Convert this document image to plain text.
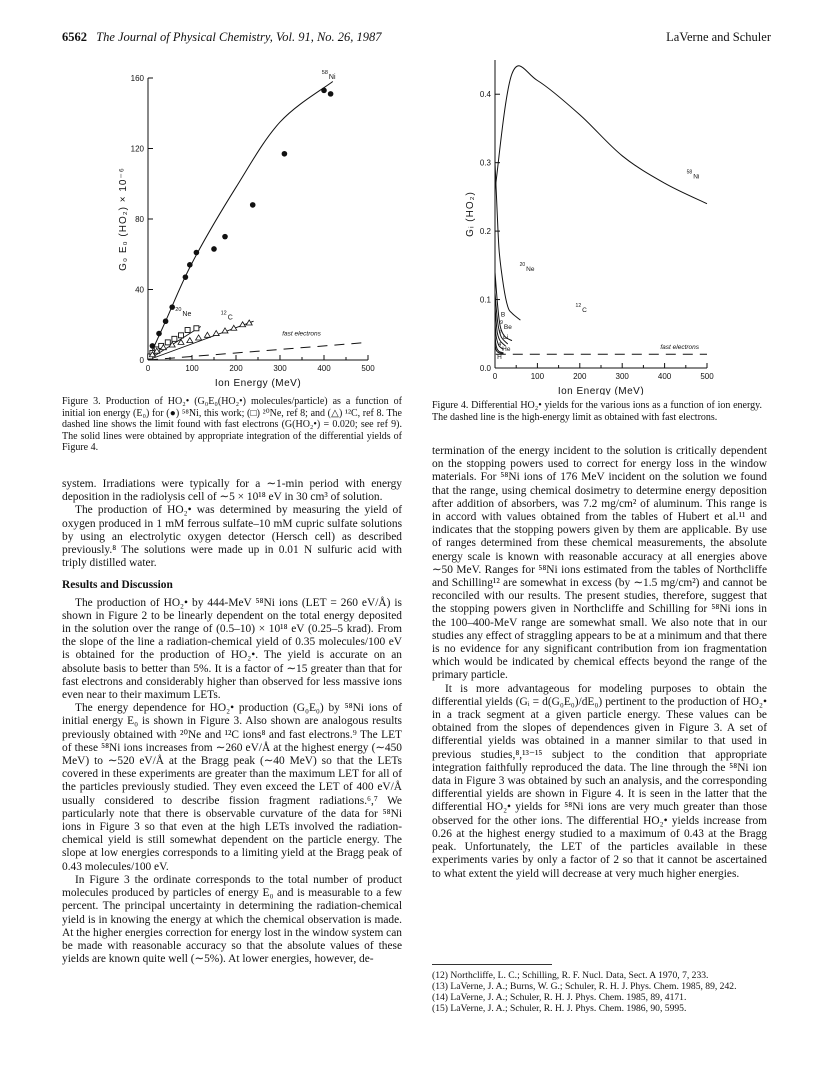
6562 The Journal of Physical Chemistry, Vol. 91, No. 26, 1987	LaVerne and Schuler
0	100	200	300	400	500
0
40
80
120
160
Ion Energy (MeV)
G₀ E₀ (HO₂) × 10⁻⁶
$^{58}$Ni
$^{20}$Ne	$^{12}$C
fast electrons
Figure 3. Production of HO₂• (G₀E₀(HO₂•) molecules/particle) as a function of initial ion energy (E₀) for (●) ⁵⁸Ni, this work; (□) ²⁰Ne, ref 8; and (△) ¹²C, ref 8. The dashed line shows the limit found with fast electrons (G(HO₂•) = 0.020; see ref 9). The solid lines were obtained by appropriate integration of the differential yields of Figure 4.
0	100	200	300	400	500
0.0
0.1
0.2
0.3
0.4
Ion Energy (MeV)
Gᵢ (HO₂)
$^{58}$Ni
$^{20}$Ne
$^{12}$C
B
$^9$Be
$^7$Li
$^4$He
H
fast electrons
Figure 4. Differential HO₂• yields for the various ions as a function of ion energy. The dashed line is the high-energy limit as obtained with fast electrons.

system. Irradiations were typically for a ∼1-min period with energy deposition in the radiolysis cell of ∼5 × 10¹⁸ eV in 30 cm³ of solution.

The production of HO₂• was determined by measuring the yield of oxygen produced in 1 mM ferrous sulfate–10 mM cupric sulfate solutions by using an electrolytic oxygen detector (Hersch cell) as described previously.⁸ The solutions were made up in 0.01 N sulfuric acid with triply distilled water.

Results and Discussion

The production of HO₂• by 444-MeV ⁵⁸Ni ions (LET = 260 eV/Å) is shown in Figure 2 to be linearly dependent on the total energy deposited in the solution over the range of (0.5–10) × 10¹⁸ eV (0.25–5 krad). From the slope of the line a radiation-chemical yield of 0.35 molecules/100 eV is obtained for the production of HO₂•. The yield is accurate on an absolute basis to better than 5%. It is a factor of ∼15 greater than that for fast electrons and considerably higher than observed for less massive ions even near to their maximum LETs.

The energy dependence for HO₂• production (G₀E₀) by ⁵⁸Ni ions of initial energy E₀ is shown in Figure 3. Also shown are analogous results previously obtained with ²⁰Ne and ¹²C ions⁸ and fast electrons.⁹ The LET of these ⁵⁸Ni ions increases from ∼260 eV/Å at the highest energy (∼450 MeV) to ∼520 eV/Å at the Bragg peak (∼40 MeV) so that the LETs covered in these experiments are greater than the maximum LET for all of the particles previously studied. They even exceed the LET of 400 eV/Å usually considered to describe fission fragment radiations.⁶,⁷ We particularly note that there is observable curvature of the data for ⁵⁸Ni ions in Figure 3 so that even at the high LETs involved the radiation-chemical yield is still somewhat dependent on the particle energy. The slope at low energies corresponds to a limiting yield at the Bragg peak of 0.43 molecules/100 eV.

In Figure 3 the ordinate corresponds to the total number of product molecules produced by particles of energy E₀ and is measurable to a few percent. The principal uncertainty in determining the radiation-chemical yield is in knowing the energy at which the chemical observation is made. At the higher energies correction for energy lost in the window system can be made with reasonable accuracy so that the absolute values of these yields are known quite well (∼5%). At lower energies, however, de-

termination of the energy incident to the solution is critically dependent on the stopping powers used to correct for energy loss in the window materials. For ⁵⁸Ni ions of 176 MeV incident on the solution we found that the range, using chemical dosimetry to determine energy deposition after addition of absorbers, was 7.2 mg/cm² of aluminum. This range is in accord with values obtained from the tables of Hubert et al.¹¹ and indicates that the stopping powers given by them are applicable. By use of ranges determined from these chemical measurements, the absolute energy scale is known with reasonable accuracy at all energies above ∼50 MeV. Ranges for ⁵⁸Ni ions estimated from the tables of Northcliffe and Schilling¹² are somewhat in excess (by ∼1.5 mg/cm²) and cannot be reconciled with our results. The present studies, therefore, suggest that the stopping powers given in Northcliffe and Schilling for ⁵⁸Ni ions in the 100–400-MeV range are somewhat small. We also note that in our studies any effect of straggling appears to be at a minimum and that there is no evidence for any significant contribution from ion fragmentation which would be indicated by chemical effects beyond the range of the primary particle.

It is more advantageous for modeling purposes to obtain the differential yields (Gᵢ = d(G₀E₀)/dE₀) pertinent to the production of HO₂• in a track segment at a given particle energy. These values can be obtained from the slopes of dependences given in Figure 3. A set of differential yields was obtained in a manner similar to that used in previous studies,⁸,¹³⁻¹⁵ subject to the condition that appropriate integration faithfully reproduced the data. The line through the ⁵⁸Ni ion data in Figure 3 was obtained by such an analysis, and the corresponding differential yields are shown in Figure 4. It is seen in the latter that the differential HO₂• yields for ⁵⁸Ni ions are very much greater than those observed for the other ions. The differential HO₂• yields increase from 0.26 at the highest energy studied to a maximum of 0.43 at the Bragg peak. Unfortunately, the LET of the particles available in these experiments varies by only a factor of 2 so that it cannot be ascertained to what extent the yield will decrease at very much higher energies.

(12) Northcliffe, L. C.; Schilling, R. F. Nucl. Data, Sect. A 1970, 7, 233.
(13) LaVerne, J. A.; Burns, W. G.; Schuler, R. H. J. Phys. Chem. 1985, 89, 242.
(14) LaVerne, J. A.; Schuler, R. H. J. Phys. Chem. 1985, 89, 4171.
(15) LaVerne, J. A.; Schuler, R. H. J. Phys. Chem. 1986, 90, 5995.
